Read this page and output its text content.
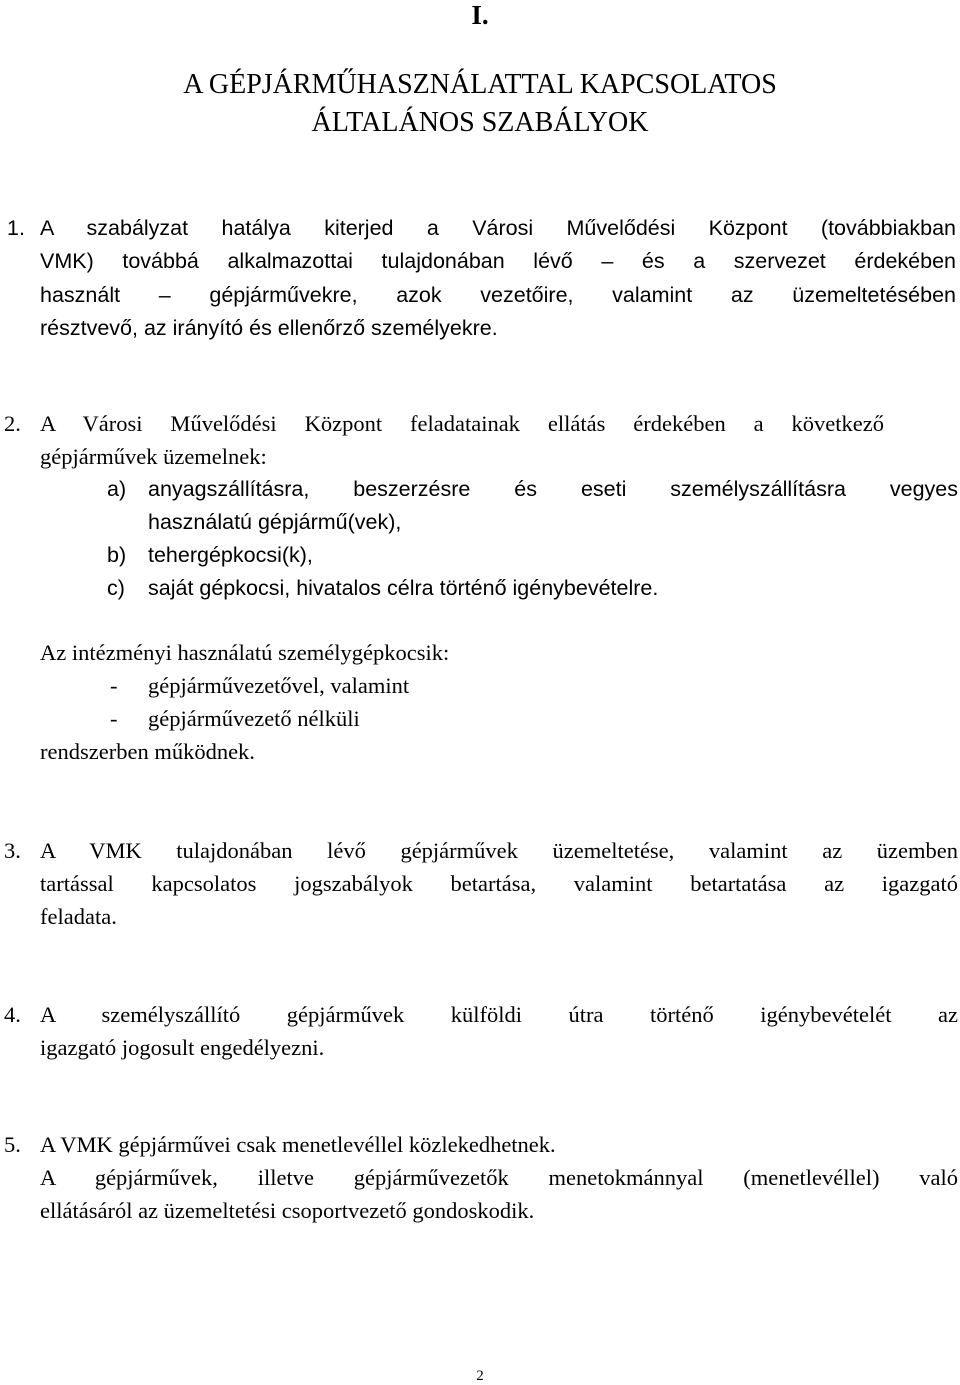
I.
A GÉPJÁRMŰHASZNÁLATTAL KAPCSOLATOS
ÁLTALÁNOS SZABÁLYOK
1. A szabályzat hatálya kiterjed a Városi Művelődési Központ (továbbiakban
VMK) továbbá alkalmazottai tulajdonában lévő – és a szervezet érdekében
használt – gépjárművekre, azok vezetőire, valamint az üzemeltetésében
résztvevő, az irányító és ellenőrző személyekre.
2. A Városi Művelődési Központ feladatainak ellátás érdekében a következő
gépjárművek üzemelnek:
a) anyagszállításra, beszerzésre és eseti személyszállításra vegyes
használatú gépjármű(vek),
b) tehergépkocsi(k),
c) saját gépkocsi, hivatalos célra történő igénybevételre.
Az intézményi használatú személygépkocsik:
- gépjárművezetővel, valamint
- gépjárművezető nélküli
rendszerben működnek.
3. A VMK tulajdonában lévő gépjárművek üzemeltetése, valamint az üzemben
tartással kapcsolatos jogszabályok betartása, valamint betartatása az igazgató
feladata.
4. A személyszállító gépjárművek külföldi útra történő igénybevételét az
igazgató jogosult engedélyezni.
5. A VMK gépjárművei csak menetlevéllel közlekedhetnek.
A gépjárművek, illetve gépjárművezetők menetokmánnyal (menetlevéllel) való
ellátásáról az üzemeltetési csoportvezető gondoskodik.
2
